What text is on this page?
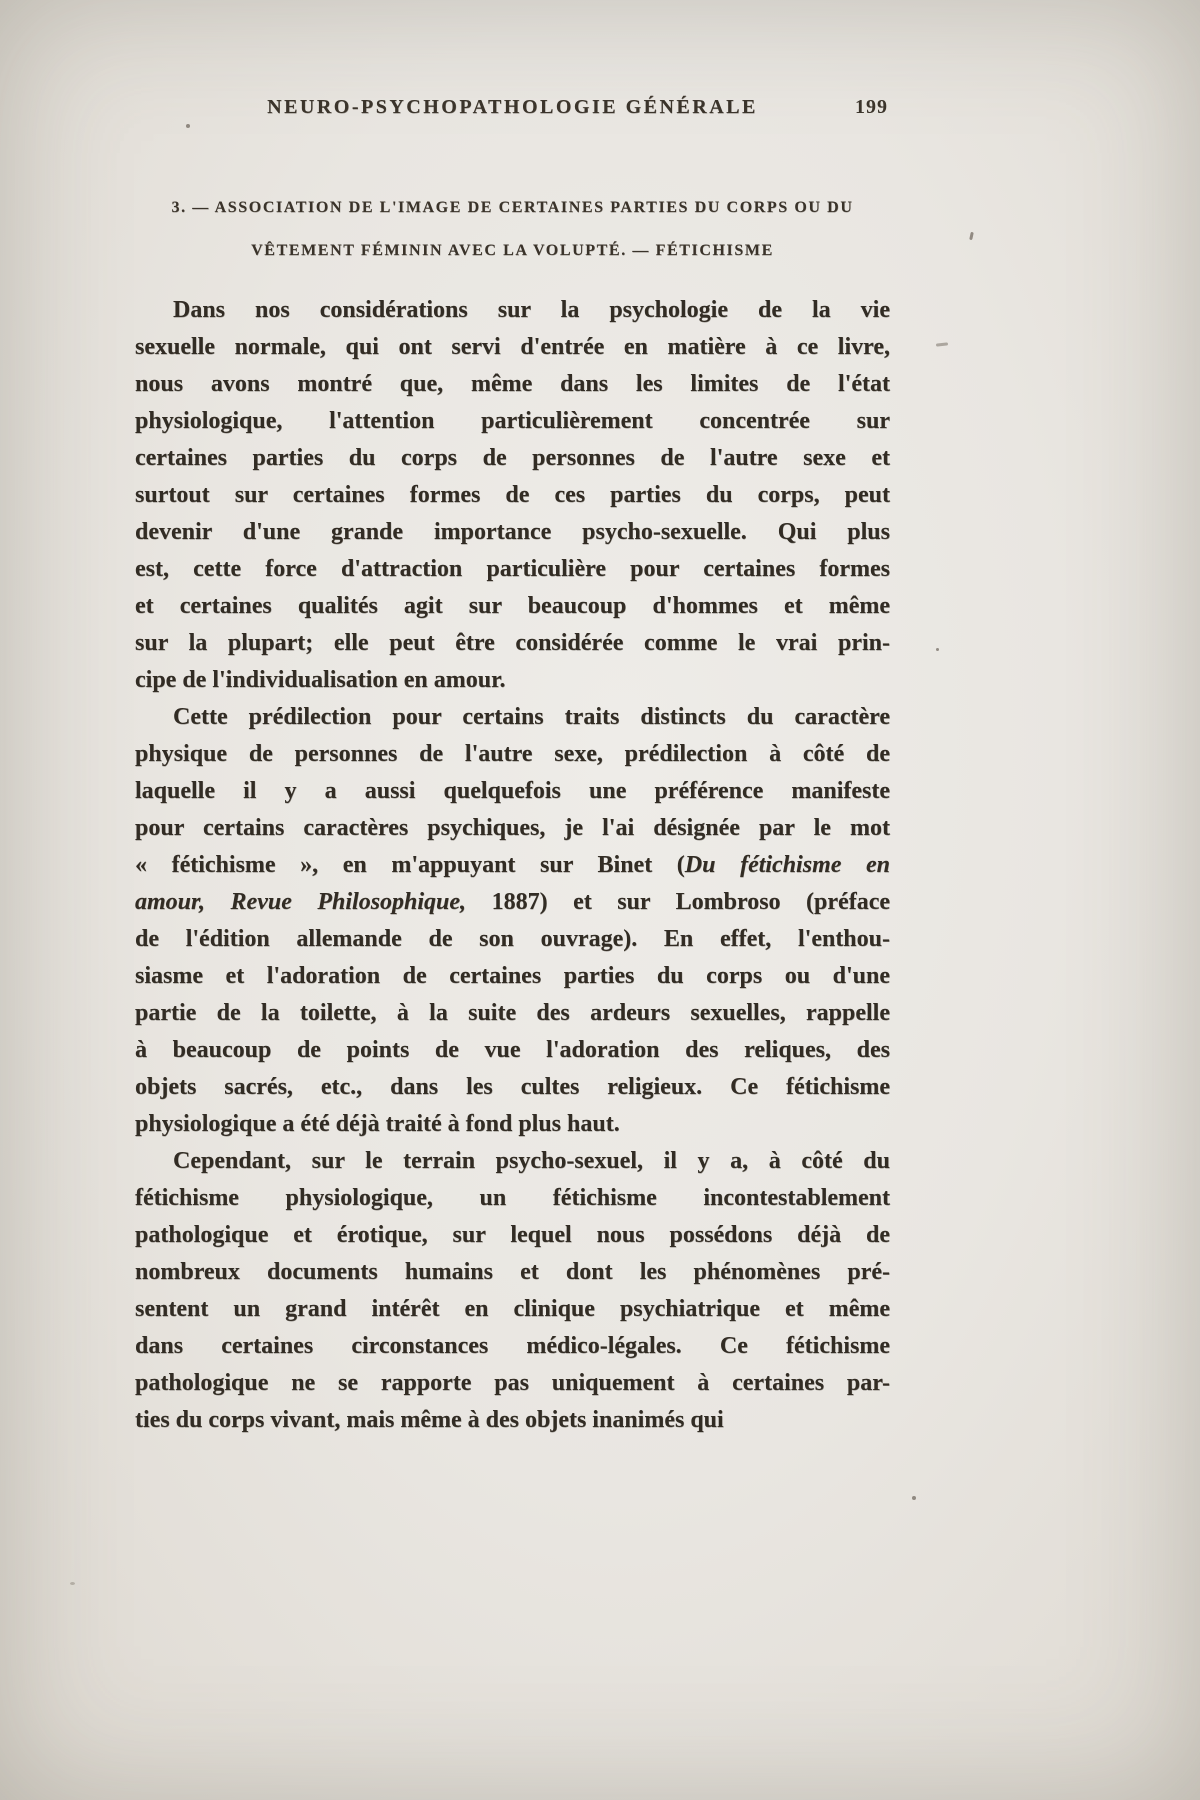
NEURO-PSYCHOPATHOLOGIE GÉNÉRALE	199
3. — ASSOCIATION DE L'IMAGE DE CERTAINES PARTIES DU CORPS OU DU
VÊTEMENT FÉMININ AVEC LA VOLUPTÉ. — FÉTICHISME
Dans nos considérations sur la psychologie de la vie
sexuelle normale, qui ont servi d'entrée en matière à ce livre,
nous avons montré que, même dans les limites de l'état
physiologique, l'attention particulièrement concentrée sur
certaines parties du corps de personnes de l'autre sexe et
surtout sur certaines formes de ces parties du corps, peut
devenir d'une grande importance psycho-sexuelle. Qui plus
est, cette force d'attraction particulière pour certaines formes
et certaines qualités agit sur beaucoup d'hommes et même
sur la plupart; elle peut être considérée comme le vrai prin-
cipe de l'individualisation en amour.
Cette prédilection pour certains traits distincts du caractère
physique de personnes de l'autre sexe, prédilection à côté de
laquelle il y a aussi quelquefois une préférence manifeste
pour certains caractères psychiques, je l'ai désignée par le mot
« fétichisme », en m'appuyant sur Binet (Du fétichisme en
amour, Revue Philosophique, 1887) et sur Lombroso (préface
de l'édition allemande de son ouvrage). En effet, l'enthou-
siasme et l'adoration de certaines parties du corps ou d'une
partie de la toilette, à la suite des ardeurs sexuelles, rappelle
à beaucoup de points de vue l'adoration des reliques, des
objets sacrés, etc., dans les cultes religieux. Ce fétichisme
physiologique a été déjà traité à fond plus haut.
Cependant, sur le terrain psycho-sexuel, il y a, à côté du
fétichisme physiologique, un fétichisme incontestablement
pathologique et érotique, sur lequel nous possédons déjà de
nombreux documents humains et dont les phénomènes pré-
sentent un grand intérêt en clinique psychiatrique et même
dans certaines circonstances médico-légales. Ce fétichisme
pathologique ne se rapporte pas uniquement à certaines par-
ties du corps vivant, mais même à des objets inanimés qui
